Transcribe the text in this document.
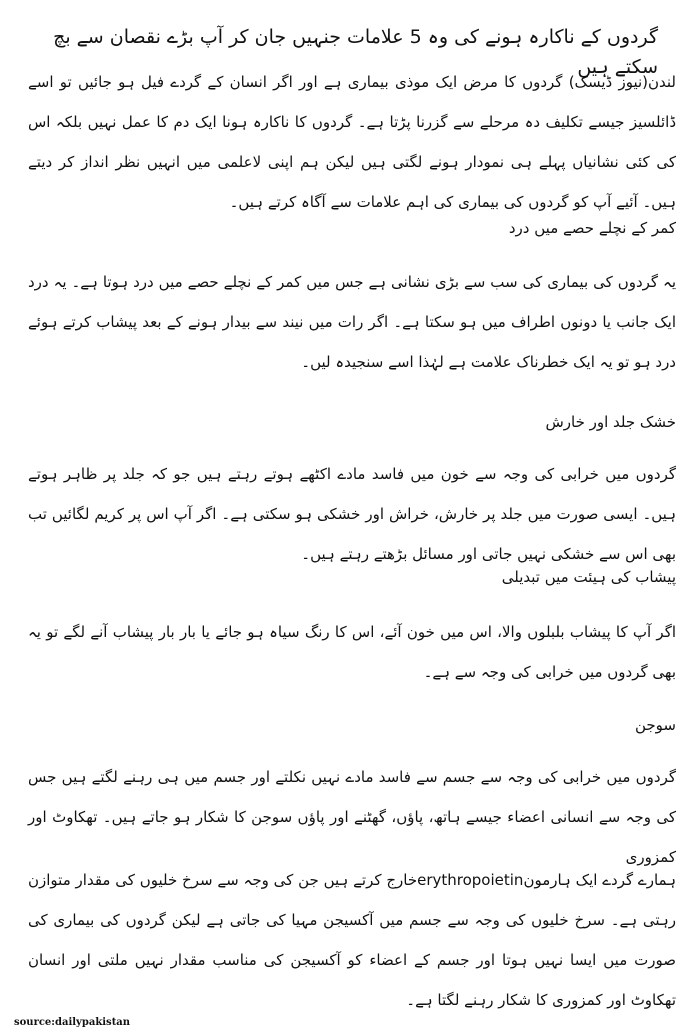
گردوں کے ناکارہ ہونے کی وہ 5 علامات جنہیں جان کر آپ بڑے نقصان سے بچ سکتے ہیں
لندن(نیوز ڈیسک) گردوں کا مرض ایک موذی بیماری ہے اور اگر انسان کے گردے فیل ہو جائیں تو اسے ڈائلسیز جیسے تکلیف دہ مرحلے سے گزرنا پڑتا ہے۔ گردوں کا ناکارہ ہونا ایک دم کا عمل نہیں بلکہ اس کی کئی نشانیاں پہلے ہی نمودار ہونے لگتی ہیں لیکن ہم اپنی لاعلمی میں انہیں نظر انداز کر دیتے ہیں۔ آئیے آپ کو گردوں کی بیماری کی اہم علامات سے آگاہ کرتے ہیں۔
کمر کے نچلے حصے میں درد
یہ گردوں کی بیماری کی سب سے بڑی نشانی ہے جس میں کمر کے نچلے حصے میں درد ہوتا ہے۔ یہ درد ایک جانب یا دونوں اطراف میں ہو سکتا ہے۔ اگر رات میں نیند سے بیدار ہونے کے بعد پیشاب کرتے ہوئے درد ہو تو یہ ایک خطرناک علامت ہے لہٰذا اسے سنجیدہ لیں۔
خشک جلد اور خارش
گردوں میں خرابی کی وجہ سے خون میں فاسد مادے اکٹھے ہوتے رہتے ہیں جو کہ جلد پر ظاہر ہوتے ہیں۔ ایسی صورت میں جلد پر خارش، خراش اور خشکی ہو سکتی ہے۔ اگر آپ اس پر کریم لگائیں تب بھی اس سے خشکی نہیں جاتی اور مسائل بڑھتے رہتے ہیں۔
پیشاب کی ہیئت میں تبدیلی
اگر آپ کا پیشاب بلبلوں والا، اس میں خون آئے، اس کا رنگ سیاہ ہو جائے یا بار بار پیشاب آنے لگے تو یہ بھی گردوں میں خرابی کی وجہ سے ہے۔
سوجن
گردوں میں خرابی کی وجہ سے جسم سے فاسد مادے نہیں نکلتے اور جسم میں ہی رہنے لگتے ہیں جس کی وجہ سے انسانی اعضاء جیسے ہاتھ، پاؤں، گھٹنے اور پاؤں سوجن کا شکار ہو جاتے ہیں۔ تھکاوٹ اور کمزوری
ہمارے گردے ایک ہارمونerythropoietinخارج کرتے ہیں جن کی وجہ سے سرخ خلیوں کی مقدار متوازن رہتی ہے۔ سرخ خلیوں کی وجہ سے جسم میں آکسیجن مہیا کی جاتی ہے لیکن گردوں کی بیماری کی صورت میں ایسا نہیں ہوتا اور جسم کے اعضاء کو آکسیجن کی مناسب مقدار نہیں ملتی اور انسان تھکاوٹ اور کمزوری کا شکار رہنے لگتا ہے۔
source:dailypakistan
